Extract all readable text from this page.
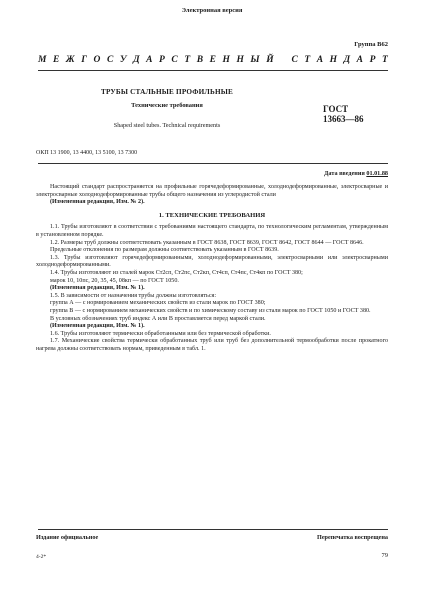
Электронная версия
Группа В62
М Е Ж Г О С У Д А Р С Т В Е Н Н Ы Й
С Т А Н Д А Р Т
ТРУБЫ СТАЛЬНЫЕ ПРОФИЛЬНЫЕ
Технические требования
Shaped steel tubes. Technical requirements
ГОСТ
13663—86
ОКП 13 1900, 13 4400, 13 5100, 13 7300
Дата введения 01.01.88

Настоящий стандарт распространяется на профильные горячедеформированные, холоднодеформированные, электросварные и электросварные холоднодеформированные трубы общего назначения из углеродистой стали

(Измененная редакция, Изм. № 2).

1. ТЕХНИЧЕСКИЕ ТРЕБОВАНИЯ

1.1. Трубы изготовляют в соответствии с требованиями настоящего стандарта, по технологическим регламентам, утвержденным в установленном порядке.

1.2. Размеры труб должны соответствовать указанным в ГОСТ 8638, ГОСТ 8639, ГОСТ 8642, ГОСТ 8644 — ГОСТ 8646.

Предельные отклонения по размерам должны соответствовать указанным в ГОСТ 8639.

1.3. Трубы изготовляют горячедеформированными, холоднодеформированными, электросварными или электросварными холоднодеформированными.

1.4. Трубы изготовляют из сталей марок Ст2сп, Ст2пс, Ст2кп, Ст4сп, Ст4пс, Ст4кп по ГОСТ 380;

марок 10, 10пс, 20, 35, 45, 08кп — по ГОСТ 1050.

(Измененная редакция, Изм. № 1).

1.5. В зависимости от назначения трубы должны изготовляться:

группа А — с нормированием механических свойств из стали марок по ГОСТ 380;

группа В — с нормированием механических свойств и по химическому составу из стали марок по ГОСТ 1050 и ГОСТ 380.

В условных обозначениях труб индекс А или В проставляется перед маркой стали.

(Измененная редакция, Изм. № 1).

1.6. Трубы изготовляют термически обработанными или без термической обработки.

1.7. Механические свойства термически обработанных труб или труб без дополнительной термообработки после прокатного нагрева должны соответствовать нормам, приведенным в табл. 1.

Издание официальное	Перепечатка воспрещена
4-2*	79
